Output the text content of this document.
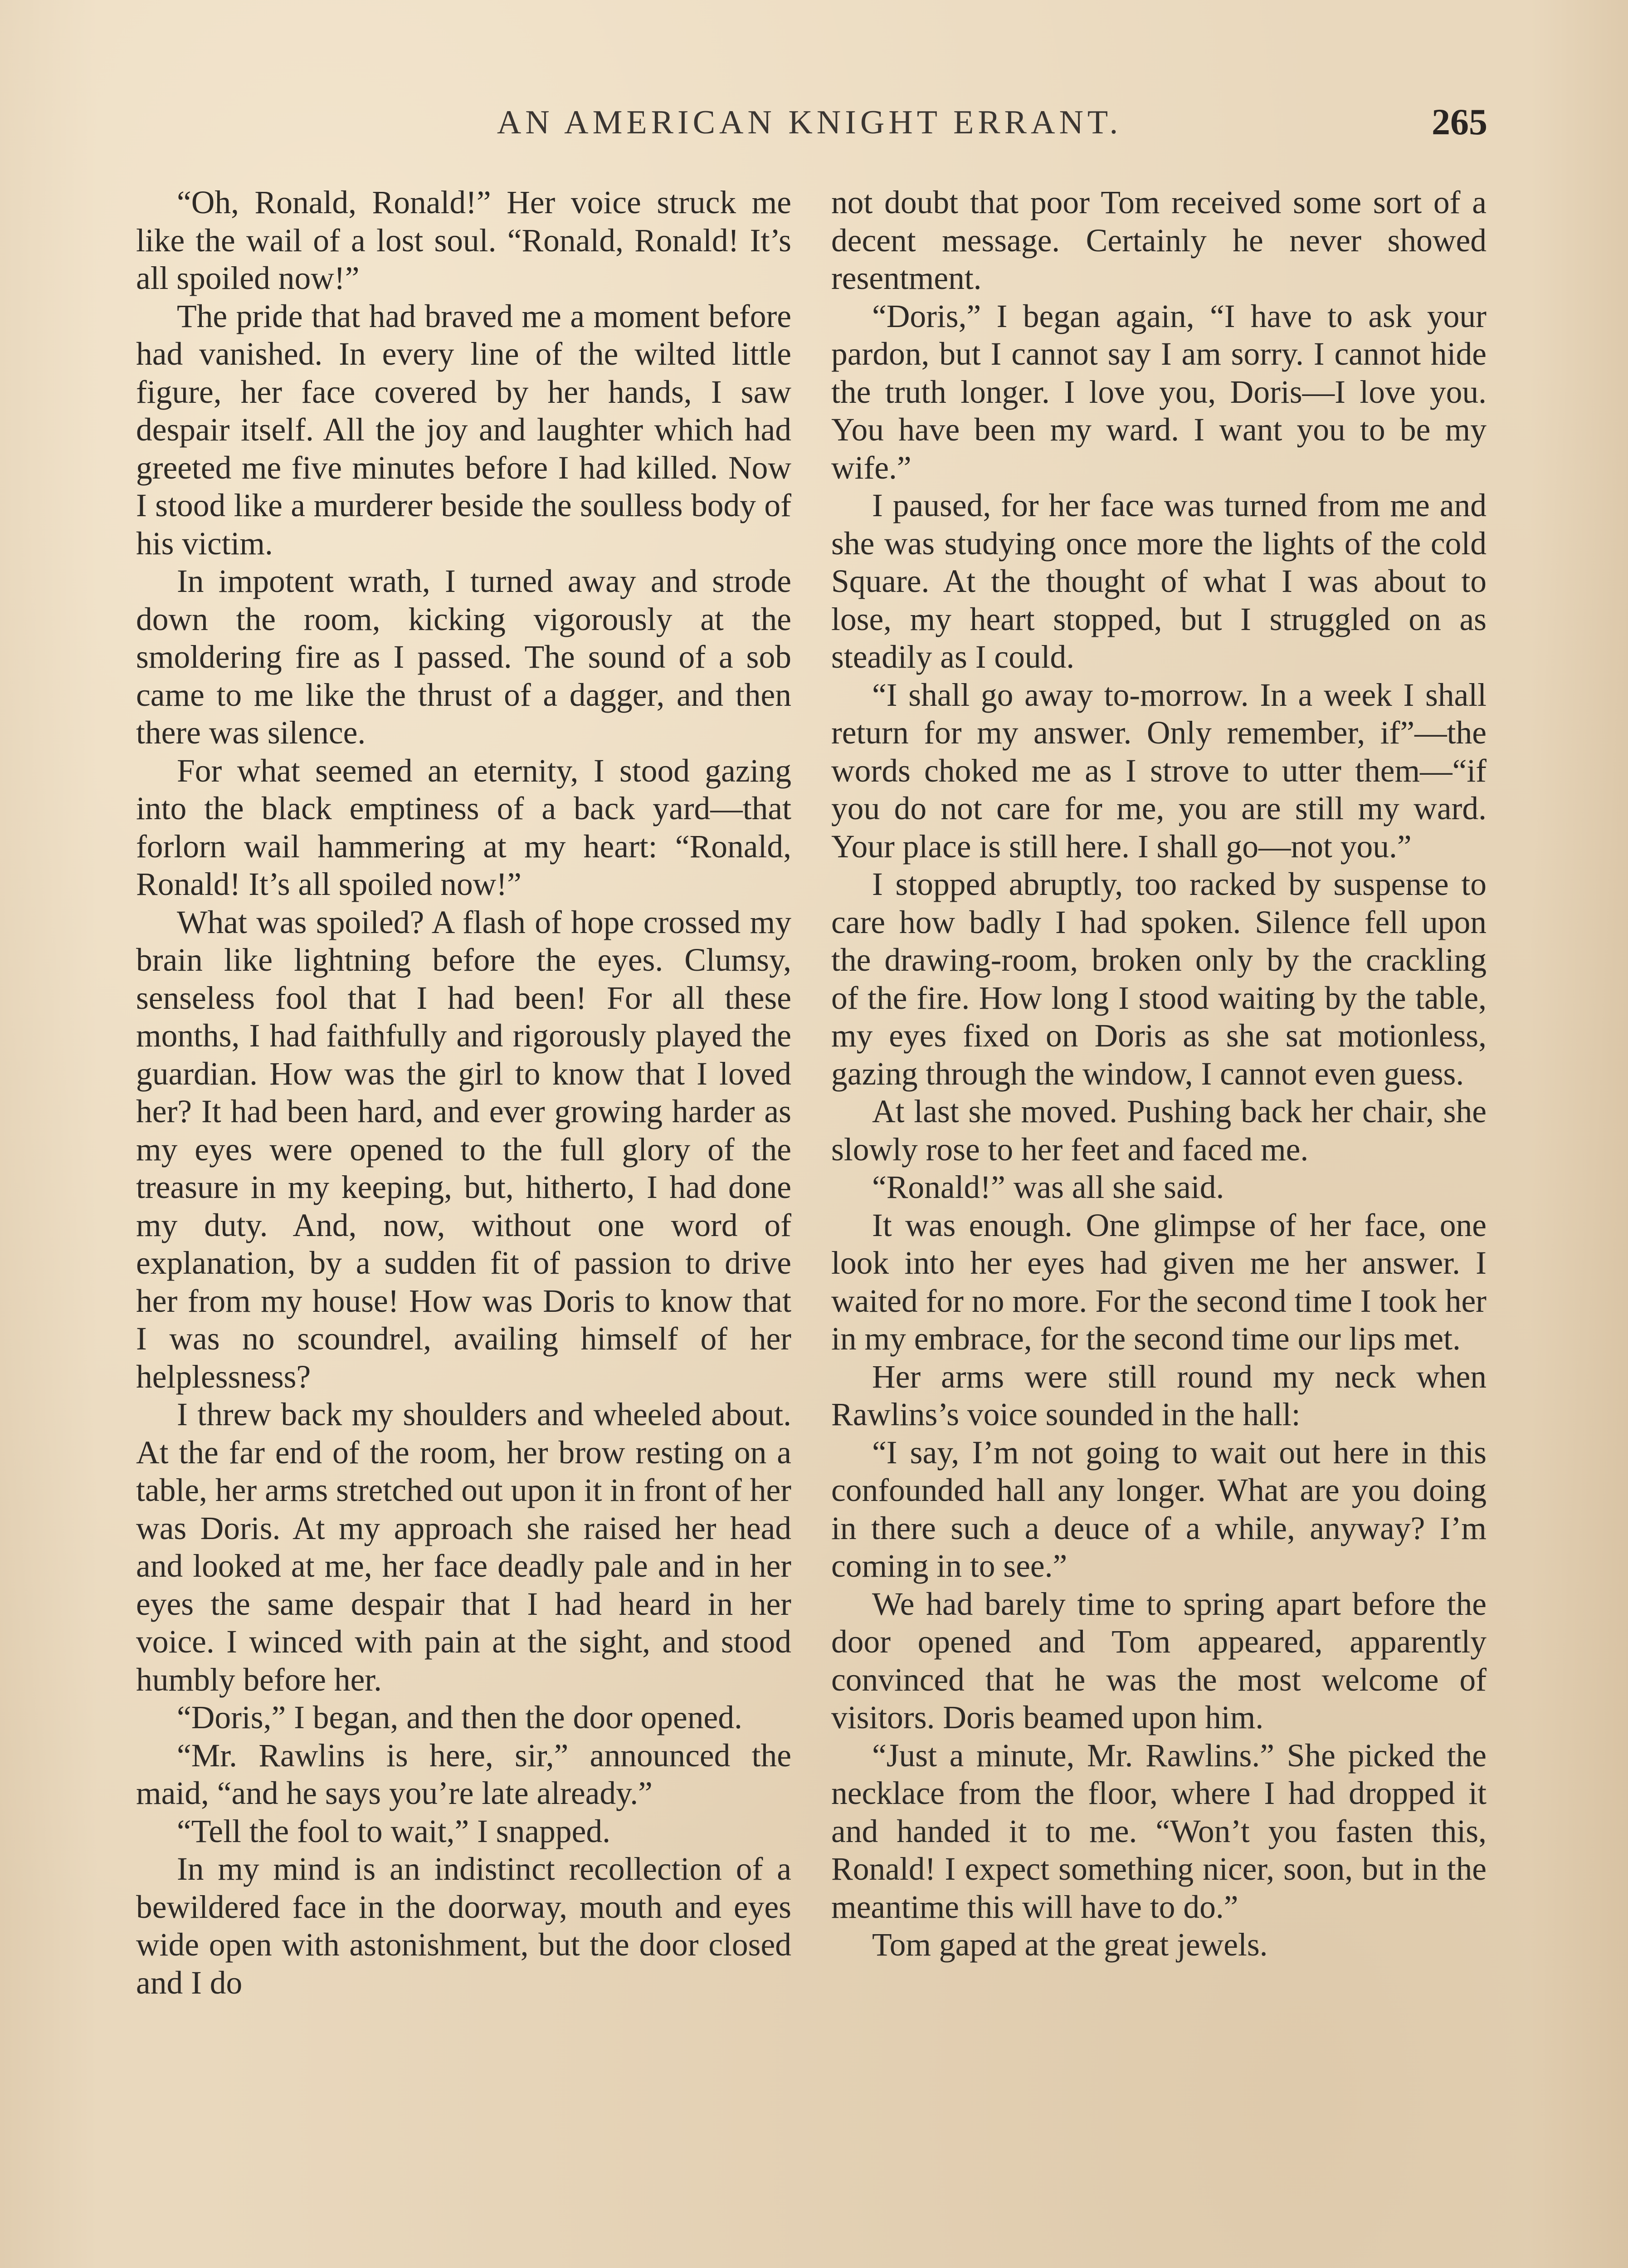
AN AMERICAN KNIGHT ERRANT.	265

“Oh, Ronald, Ronald!” Her voice struck me like the wail of a lost soul. “Ronald, Ronald! It’s all spoiled now!”

The pride that had braved me a moment before had vanished. In every line of the wilted little figure, her face covered by her hands, I saw despair itself. All the joy and laughter which had greeted me five minutes before I had killed. Now I stood like a murderer beside the soulless body of his victim.

In impotent wrath, I turned away and strode down the room, kicking vigorously at the smoldering fire as I passed. The sound of a sob came to me like the thrust of a dagger, and then there was silence.

For what seemed an eternity, I stood gazing into the black emptiness of a back yard—that forlorn wail hammering at my heart: “Ronald, Ronald! It’s all spoiled now!”

What was spoiled? A flash of hope crossed my brain like lightning before the eyes. Clumsy, senseless fool that I had been! For all these months, I had faithfully and rigorously played the guardian. How was the girl to know that I loved her? It had been hard, and ever growing harder as my eyes were opened to the full glory of the treasure in my keeping, but, hitherto, I had done my duty. And, now, without one word of explanation, by a sudden fit of passion to drive her from my house! How was Doris to know that I was no scoundrel, availing himself of her helplessness?

I threw back my shoulders and wheeled about. At the far end of the room, her brow resting on a table, her arms stretched out upon it in front of her was Doris. At my approach she raised her head and looked at me, her face deadly pale and in her eyes the same despair that I had heard in her voice. I winced with pain at the sight, and stood humbly before her.

“Doris,” I began, and then the door opened.

“Mr. Rawlins is here, sir,” announced the maid, “and he says you’re late already.”

“Tell the fool to wait,” I snapped.

In my mind is an indistinct recollection of a bewildered face in the doorway, mouth and eyes wide open with astonishment, but the door closed and I do

not doubt that poor Tom received some sort of a decent message. Certainly he never showed resentment.

“Doris,” I began again, “I have to ask your pardon, but I cannot say I am sorry. I cannot hide the truth longer. I love you, Doris—I love you. You have been my ward. I want you to be my wife.”

I paused, for her face was turned from me and she was studying once more the lights of the cold Square. At the thought of what I was about to lose, my heart stopped, but I struggled on as steadily as I could.

“I shall go away to-morrow. In a week I shall return for my answer. Only remember, if”—the words choked me as I strove to utter them—“if you do not care for me, you are still my ward. Your place is still here. I shall go—not you.”

I stopped abruptly, too racked by suspense to care how badly I had spoken. Silence fell upon the drawing-room, broken only by the crackling of the fire. How long I stood waiting by the table, my eyes fixed on Doris as she sat motionless, gazing through the window, I cannot even guess.

At last she moved. Pushing back her chair, she slowly rose to her feet and faced me.

“Ronald!” was all she said.

It was enough. One glimpse of her face, one look into her eyes had given me her answer. I waited for no more. For the second time I took her in my embrace, for the second time our lips met.

Her arms were still round my neck when Rawlins’s voice sounded in the hall:

“I say, I’m not going to wait out here in this confounded hall any longer. What are you doing in there such a deuce of a while, anyway? I’m coming in to see.”

We had barely time to spring apart before the door opened and Tom appeared, apparently convinced that he was the most welcome of visitors. Doris beamed upon him.

“Just a minute, Mr. Rawlins.” She picked the necklace from the floor, where I had dropped it and handed it to me. “Won’t you fasten this, Ronald! I expect something nicer, soon, but in the meantime this will have to do.”

Tom gaped at the great jewels.
